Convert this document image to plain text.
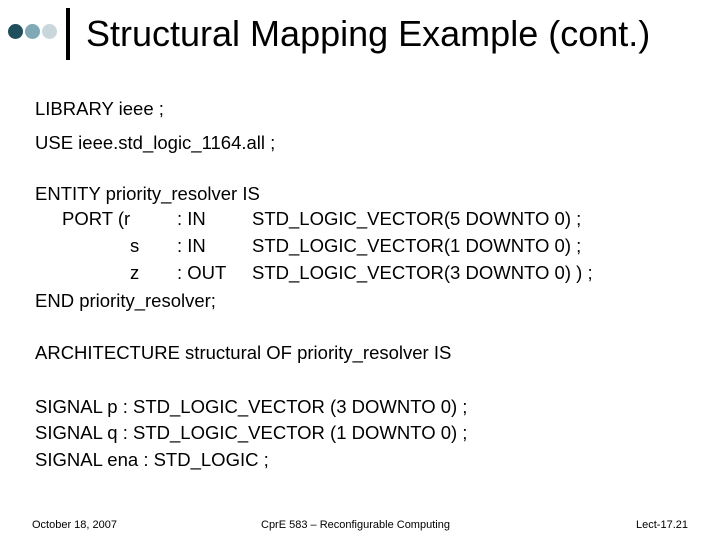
Structural Mapping Example (cont.)
LIBRARY ieee ;
USE ieee.std_logic_1164.all ;
ENTITY priority_resolver IS
PORT (r	: IN STD_LOGIC_VECTOR(5 DOWNTO 0) ;
s : IN STD_LOGIC_VECTOR(1 DOWNTO 0) ;
z : OUT STD_LOGIC_VECTOR(3 DOWNTO 0) ) ;
END priority_resolver;
ARCHITECTURE structural OF priority_resolver IS
SIGNAL p : STD_LOGIC_VECTOR (3 DOWNTO 0) ;
SIGNAL q : STD_LOGIC_VECTOR (1 DOWNTO 0) ;
SIGNAL ena : STD_LOGIC ;
October 18, 2007	CprE 583 – Reconfigurable Computing	Lect-17.21
